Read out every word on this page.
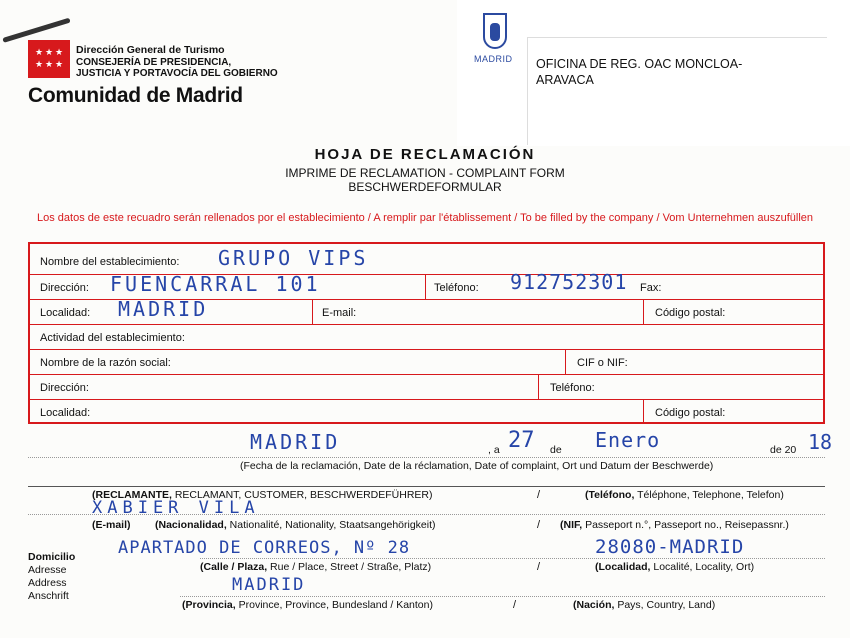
★ ★ ★
★ ★ ★
.
Dirección General de Turismo
CONSEJERÍA DE PRESIDENCIA,
JUSTICIA Y PORTAVOCÍA DEL GOBIERNO
Comunidad de Madrid
MADRID OFICINA DE REG. OAC MONCLOA-ARAVACA
HOJA DE RECLAMACIÓN
IMPRIME DE RECLAMATION - COMPLAINT FORM
BESCHWERDEFORMULAR
Los datos de este recuadro serán rellenados por el establecimiento / A remplir par l'établissement / To be filled by the company / Vom Unternehmen auszufüllen
Nombre del establecimiento: GRUPO VIPS
Dirección: FUENCARRAL 101	Teléfono: 912752301 Fax:
Localidad: MADRID	E-mail:	Código postal:
Actividad del establecimiento:
Nombre de la razón social:	CIF o NIF:
Dirección:	Teléfono:
Localidad:	Código postal:
MADRID	, a 27 de Enero	de 20 18
(Fecha de la reclamación, Date de la réclamation, Date of complaint, Ort und Datum der Beschwerde)
(RECLAMANTE, RECLAMANT, CUSTOMER, BESCHWERDEFÜHRER)	/	(Teléfono, Téléphone, Telephone, Telefon)
XABIER VILA
(E-mail) (Nacionalidad, Nationalité, Nationality, Staatsangehörigkeit)	/ (NIF, Passeport n.°, Passeport no., Reisepassnr.)
APARTADO DE CORREOS, Nº 28	28080-MADRID
Domicilio
Adresse
Address
Anschrift
(Calle / Plaza, Rue / Place, Street / Straße, Platz)	/	(Localidad, Localité, Locality, Ort)
MADRID
(Provincia, Province, Province, Bundesland / Kanton)	/	(Nación, Pays, Country, Land)
